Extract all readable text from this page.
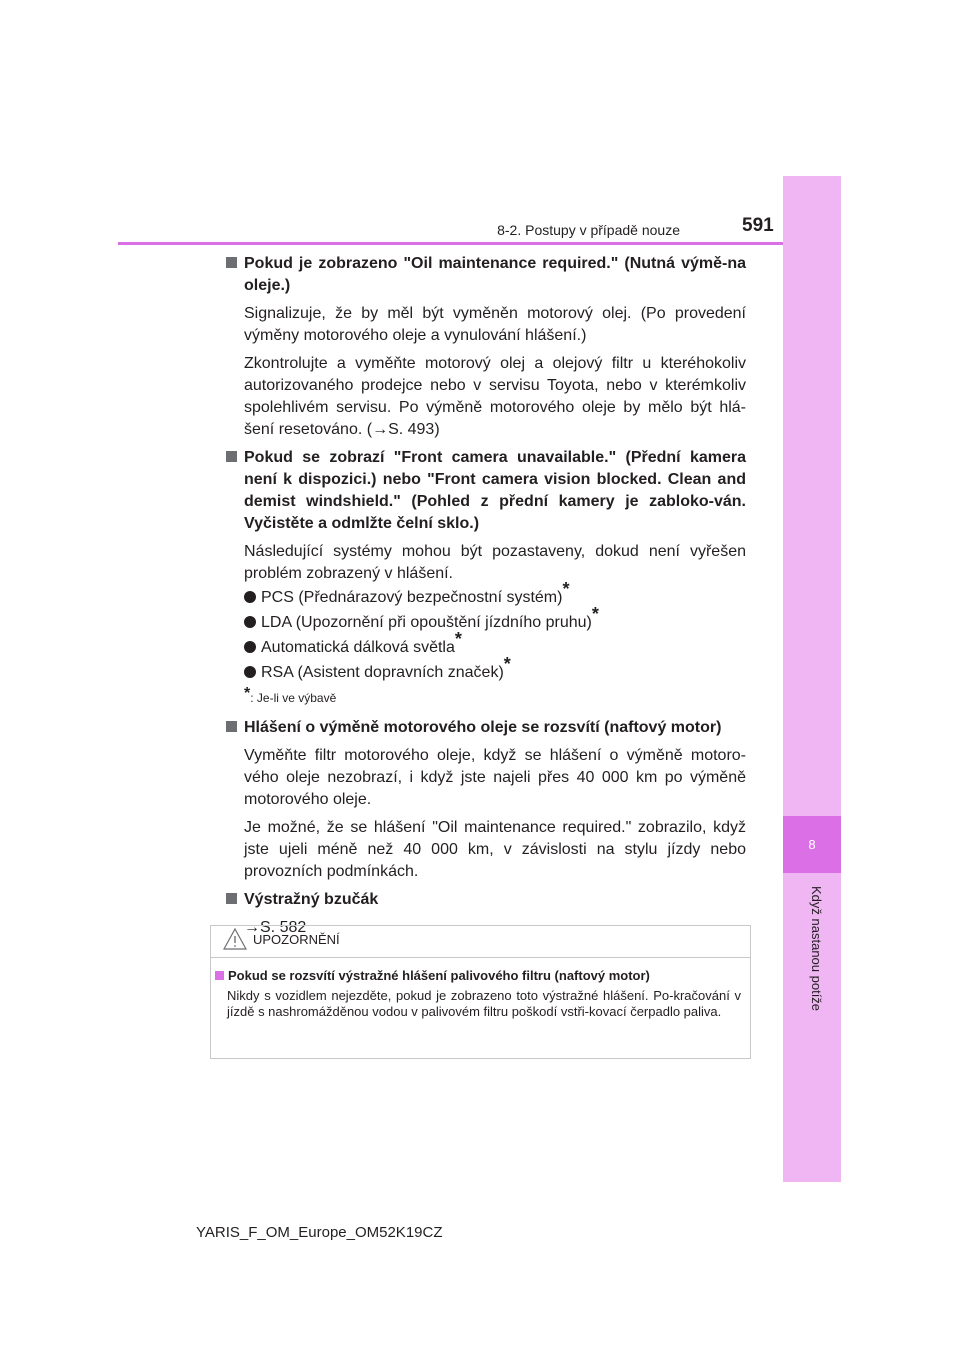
8
Když nastanou potíže
8-2. Postupy v případě nouze	591
Pokud je zobrazeno "Oil maintenance required." (Nutná výmě-na oleje.)
Signalizuje, že by měl být vyměněn motorový olej. (Po provedení výměny motorového oleje a vynulování hlášení.)
Zkontrolujte a vyměňte motorový olej a olejový filtr u kteréhokoliv autorizovaného prodejce nebo v servisu Toyota, nebo v kterémkoliv spolehlivém servisu. Po výměně motorového oleje by mělo být hlá-šení resetováno. (→S. 493)
Pokud se zobrazí "Front camera unavailable." (Přední kamera není k dispozici.) nebo "Front camera vision blocked. Clean and demist windshield." (Pohled z přední kamery je zabloko-ván. Vyčistěte a odmlžte čelní sklo.)
Následující systémy mohou být pozastaveny, dokud není vyřešen problém zobrazený v hlášení.
PCS (Přednárazový bezpečnostní systém)*
LDA (Upozornění při opouštění jízdního pruhu)*
Automatická dálková světla*
RSA (Asistent dopravních značek)*
*: Je-li ve výbavě
Hlášení o výměně motorového oleje se rozsvítí (naftový motor)
Vyměňte filtr motorového oleje, když se hlášení o výměně motoro-vého oleje nezobrazí, i když jste najeli přes 40 000 km po výměně motorového oleje.
Je možné, že se hlášení "Oil maintenance required." zobrazilo, když jste ujeli méně než 40 000 km, v závislosti na stylu jízdy nebo provozních podmínkách.
Výstražný bzučák
→S. 582
UPOZORNĚNÍ
Pokud se rozsvítí výstražné hlášení palivového filtru (naftový motor)
Nikdy s vozidlem nejezděte, pokud je zobrazeno toto výstražné hlášení. Po-kračování v jízdě s nashromážděnou vodou v palivovém filtru poškodí vstři-kovací čerpadlo paliva.
YARIS_F_OM_Europe_OM52K19CZ
